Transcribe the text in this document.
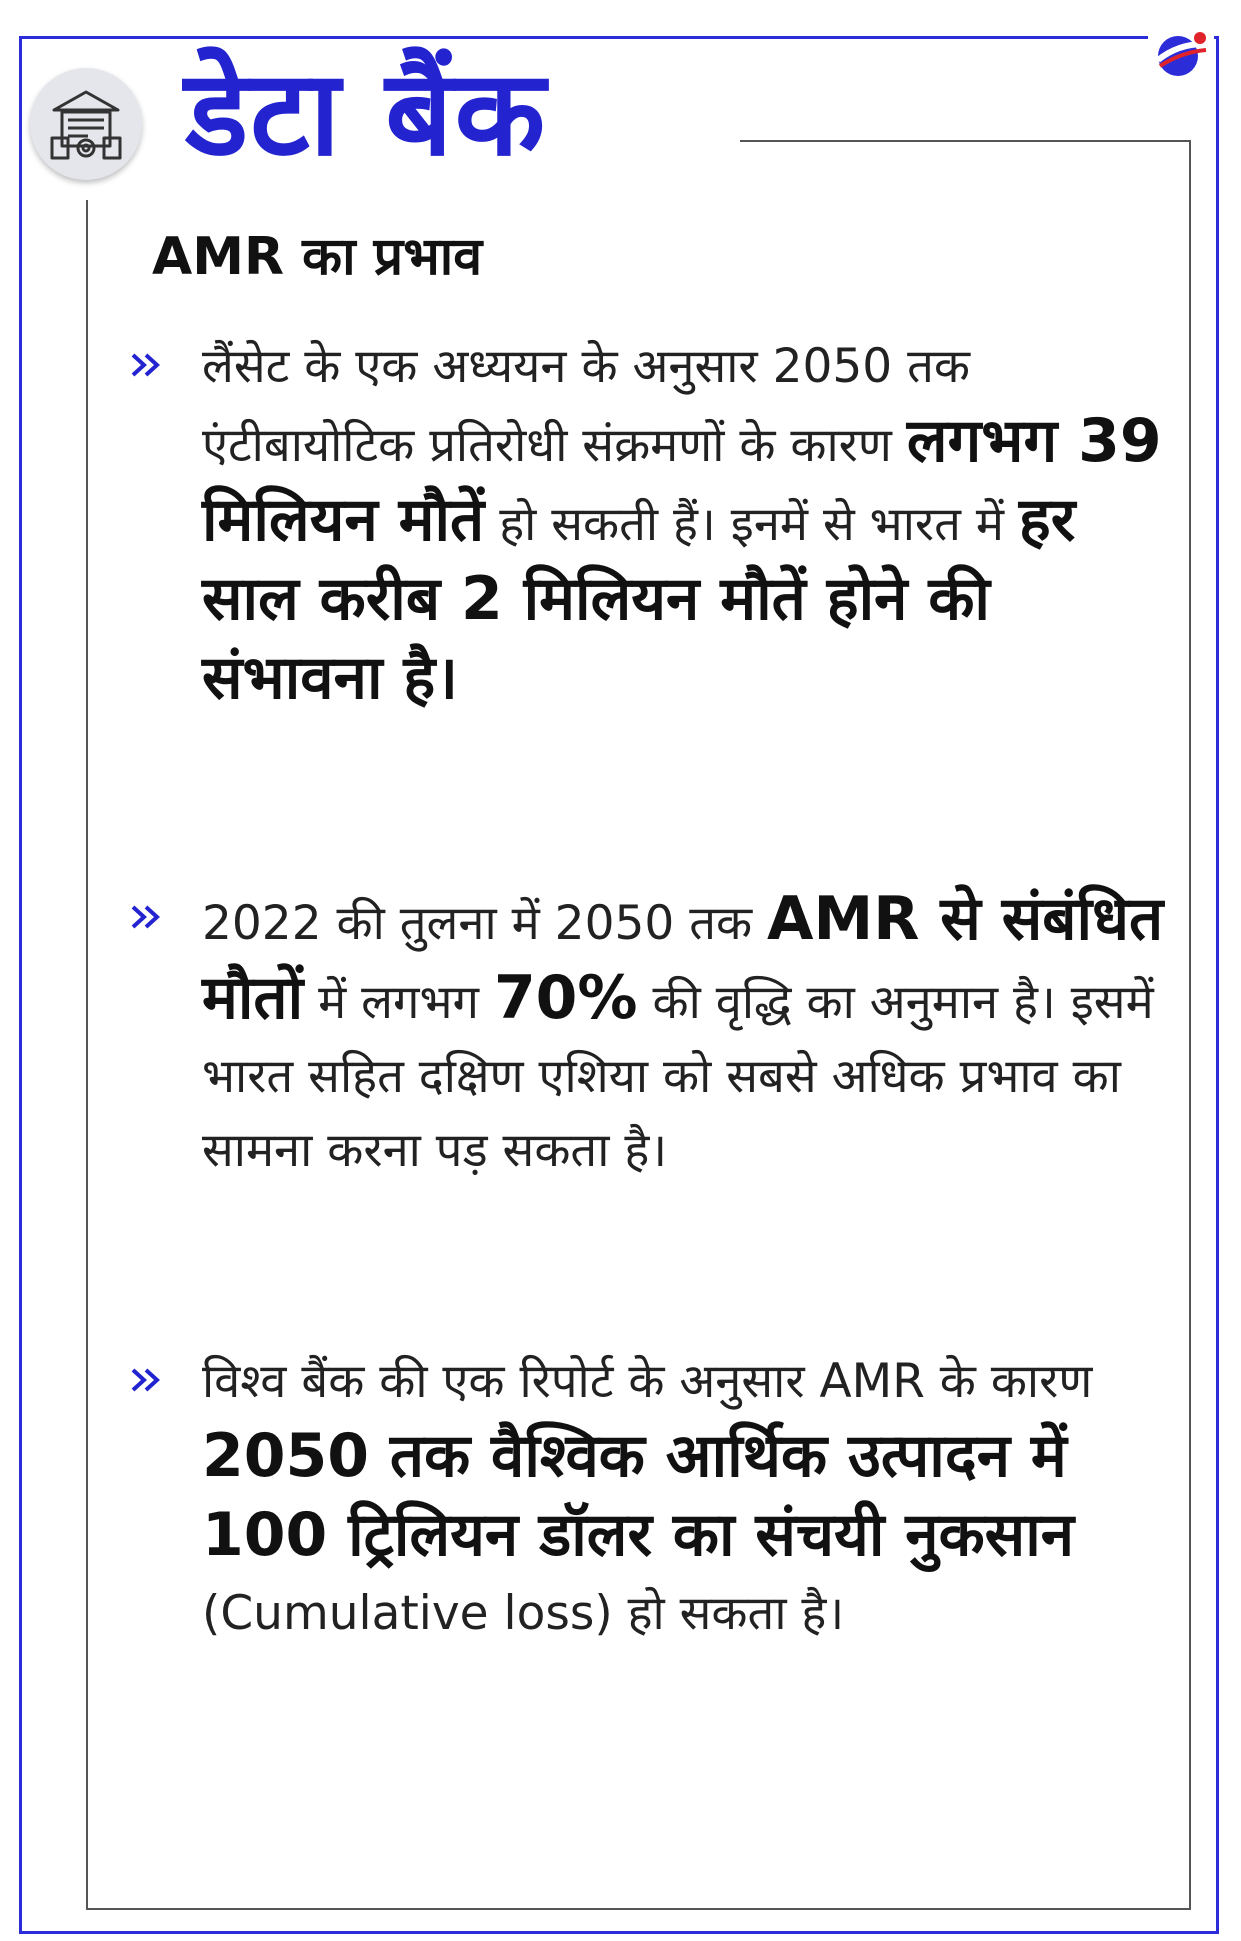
डेटा बैंक
AMR का प्रभाव

लैंसेट के एक अध्ययन के अनुसार 2050 तक एंटीबायोटिक प्रतिरोधी संक्रमणों के कारण लगभग 39 मिलियन मौतें हो सकती हैं। इनमें से भारत में हर साल करीब 2 मिलियन मौतें होने की संभावना है।

2022 की तुलना में 2050 तक AMR से संबंधित मौतों में लगभग 70% की वृद्धि का अनुमान है। इसमें भारत सहित दक्षिण एशिया को सबसे अधिक प्रभाव का सामना करना पड़ सकता है।

विश्व बैंक की एक रिपोर्ट के अनुसार AMR के कारण 2050 तक वैश्विक आर्थिक उत्पादन में 100 ट्रिलियन डॉलर का संचयी नुकसान (Cumulative loss) हो सकता है।
